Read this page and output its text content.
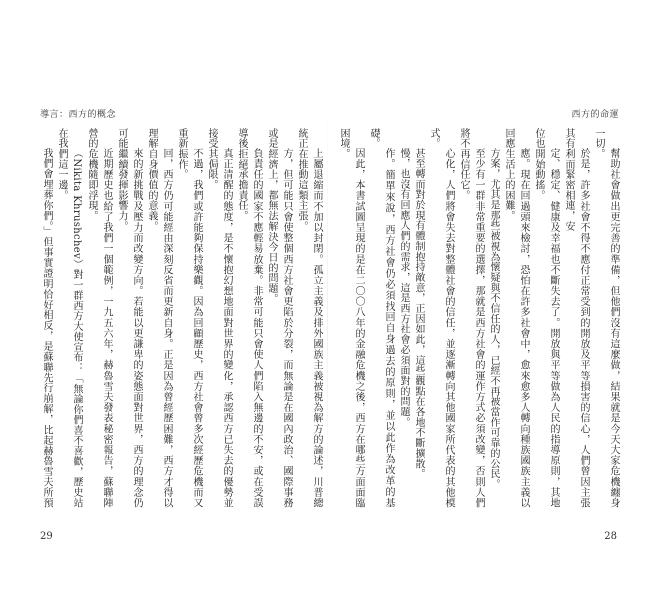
導言：西方的概念	西方的命運

上屬退縮而不加以封閉。孤立主義及排外國族主義被視為解方的論述，川普總統正在推動這類主張。

方，但可能只會使整個西方社會更陷於分裂，而無論是在國內政治、國際事務或是經濟上，都無法解決今日的問題。

負責任的國家不應輕易放棄。非常可能只會使人們陷入無邊的不安，或在受誤導後拒絕承擔責任。

真正清醒的態度，是不懷抱幻想地面對世界的變化，承認西方已失去的優勢並接受其侷限。

不過，我們或許能夠保持樂觀。因為回顧歷史，西方社會曾多次經歷危機而又重新振作。

回，西方仍可能經由深刻反省而更新自身。正是因為曾經歷困難，西方才得以理解自身價值的意義。

來的新挑戰及壓力而改變方向。若能以更謙卑的姿態面對世界，西方的理念仍可能繼續發揮影響力。

近期歷史也給了我們一個範例，一九五六年，赫魯雪夫發表秘密報告，蘇聯陣營的危機隨即浮現。

（Nikita Khrushchev）對一群西方大使宣布：「無論你們喜不喜歡，歷史站在我們這一邊。

我們會埋葬你們。」但事實證明恰好相反，是蘇聯先行崩解，比起赫魯雪夫所預	幫助社會做出更完善的準備，但他們沒有這麼做，結果就是今天大家危機纏身一切。

於是，許多社會不得不應付正常受到的開放及平等損害的信心，人們曾因主張其有利而緊密相連，安

定、穩定、健康及幸福也不斷失去了。開放與平等做為人民的指導原則，其地位也開始動搖。

應。現在回過頭來檢討，恐怕在許多社會中，愈來愈多人轉向種族國族主義以回應生活上的困難。

方案，尤其是那些被視為懷疑與不信任的人，已經不再被當作可靠的公民。

至少有一群非常重要的選擇，那就是西方社會的運作方式必須改變，否則人們將不再信任它。

心化，人們將會失去對整體社會的信任，並逐漸轉向其他國家所代表的其他模式。

甚至轉而對於現有體制抱持敵意，正因如此，這些觀點在各地不斷擴散。

慢，也沒有回應人們的需求，這是西方社會必須面對的問題。

作。簡單來說，西方社會仍必須找回自身過去的原則，並以此作為改革的基礎。

因此，本書試圖呈現的是在二〇〇八年的金融危機之後，西方在哪些方面面臨困境。

29	28
